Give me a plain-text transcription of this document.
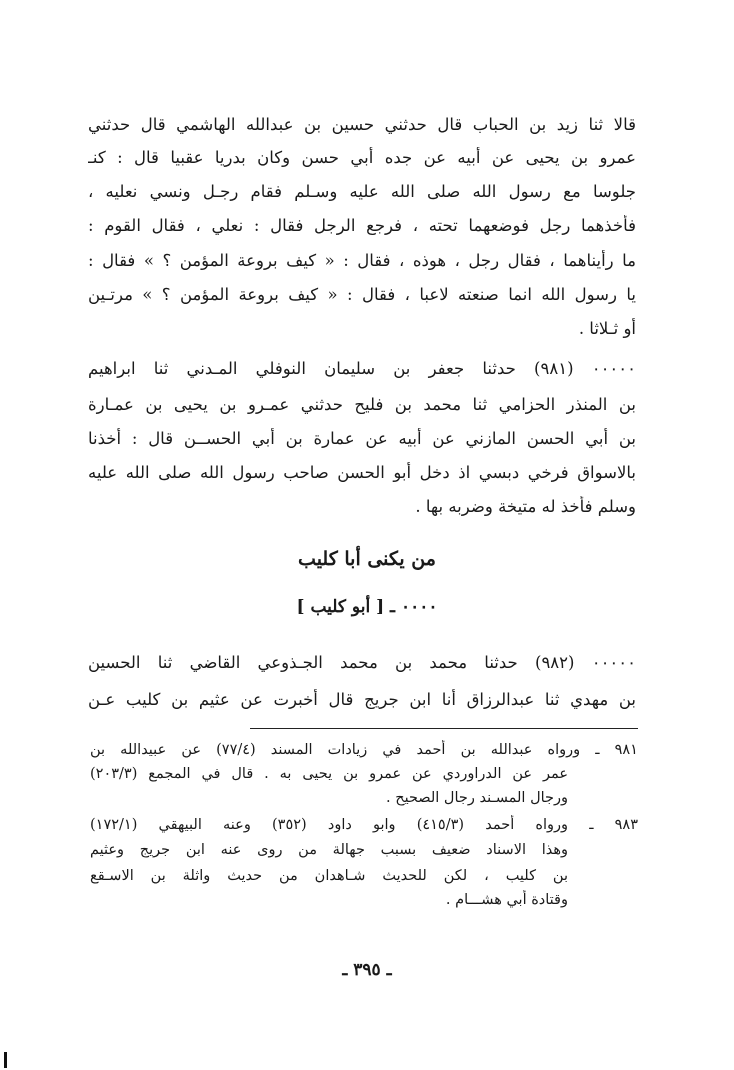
قالا ثنا زيد بن الحباب قال حدثني حسين بن عبدالله الهاشمي قال حدثني
عمرو بن يحيى عن أبيه عن جده أبي حسن وكان بدريا عقبيا قال : كنـ
جلوسا مع رسول الله صلى الله عليه وسـلم فقام رجـل ونسي نعليه ،
فأخذهما رجل فوضعهما تحته ، فرجع الرجل فقال : نعلي ، فقال القوم :
ما رأيناهما ، فقال رجل ، هوذه ، فقال : « كيف بروعة المؤمن ؟ » فقال :
يا رسول الله انما صنعته لاعبا ، فقال : « كيف بروعة المؤمن ؟ » مرتـين
أو ثـلاثا .
٠٠٠٠٠ (٩٨١) حدثنا جعفر بن سليمان النوفلي المـدني ثنا ابراهيم
بن المنذر الحزامي ثنا محمد بن فليح حدثني عمـرو بن يحيى بن عمـارة
بن أبي الحسن المازني عن أبيه عن عمارة بن أبي الحســن قال : أخذنا
بالاسواق فرخي دبسي اذ دخل أبو الحسن صاحب رسول الله صلى الله عليه
وسلم فأخذ له متيخة وضربه بها .
من يكنى أبا كليب
٠٠٠٠ ـ [ أبو كليب ]
٠٠٠٠٠ (٩٨٢) حدثنا محمد بن محمد الجـذوعي القاضي ثنا الحسين
بن مهدي ثنا عبدالرزاق أنا ابن جريج قال أخبرت عن عثيم بن كليب عـن
٩٨١ ـ ورواه عبدالله بن أحمد في زيادات المسند (٧٧/٤) عن عبيدالله بن
عمر عن الدراوردي عن عمرو بن يحيى به . قال في المجمع (٢٠٣/٣)
ورجال المسـند رجال الصحيح .
٩٨٣ ـ ورواه أحمد (٤١٥/٣) وابو داود (٣٥٢) وعنه البيهقي (١٧٢/١)
وهذا الاسناد ضعيف بسبب جهالة من روى عنه ابن جريج وعثيم
بن كليب ، لكن للحديث شـاهدان من حديث واثلة بن الاسـقع
وقتادة أبي هشـــام .
ـ ٣٩٥ ـ
